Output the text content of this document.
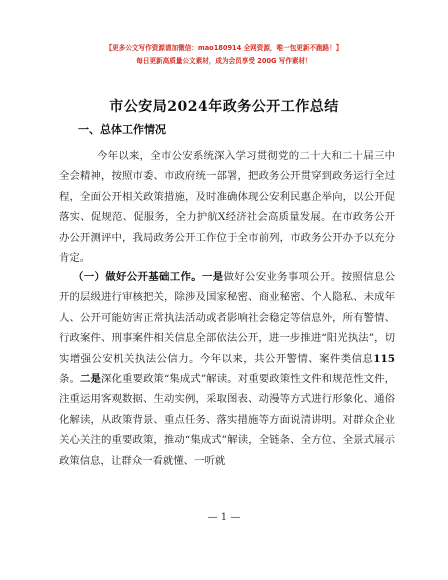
【更多公文写作资源请加微信：mao180914 全网资源，唯一包更新不跑路！】
每日更新高质量公文素材，成为会员享受 200G 写作素材！
市公安局2024年政务公开工作总结
一、总体工作情况
今年以来，全市公安系统深入学习贯彻党的二十大和二十届三中全会精神，按照市委、市政府统一部署，把政务公开贯穿到政务运行全过程，全面公开相关政策措施，及时准确体现公安利民惠企举向，以公开促落实、促规范、促服务，全力护航X经济社会高质量发展。在市政务公开办公开测评中，我局政务公开工作位于全市前列，市政务公开办予以充分肯定。
（一）做好公开基础工作。一是做好公安业务事项公开。按照信息公开的层级进行审核把关，除涉及国家秘密、商业秘密、个人隐私、未成年人、公开可能妨害正常执法活动或者影响社会稳定等信息外，所有警情、行政案件、刑事案件相关信息全部依法公开，进一步推进“阳光执法”，切实增强公安机关执法公信力。今年以来，共公开警情、案件类信息115条。二是深化重要政策“集成式”解读。对重要政策性文件和规范性文件，注重运用客观数据、生动实例，采取图表、动漫等方式进行形象化、通俗化解读，从政策背景、重点任务、落实措施等方面说清讲明。对群众企业关心关注的重要政策，推动“集成式”解读，全链条、全方位、全景式展示政策信息，让群众一看就懂、一听就
— 1 —
